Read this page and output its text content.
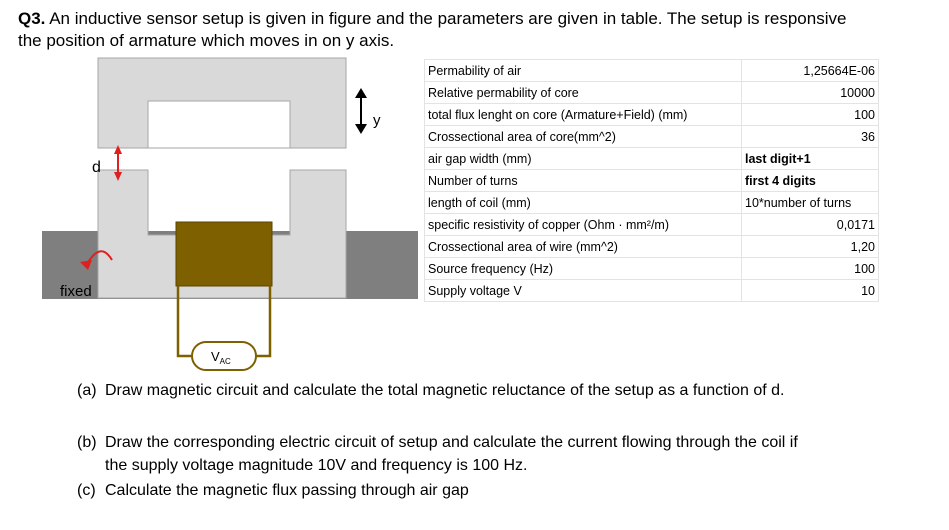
Q3. An inductive sensor setup is given in figure and the parameters are given in table. The setup is responsive
the position of armature which moves in on y axis.
$V_{AC}$
y
d
fixed
Permability of air	1,25664E-06
Relative permability of core	10000
total flux lenght on core (Armature+Field) (mm)	100
Crossectional area of core(mm^2)	36
air gap width (mm)	last digit+1
Number of turns	first 4 digits
length of coil (mm)	10*number of turns
specific resistivity of copper (Ohm · mm²/m)	0,0171
Crossectional area of wire (mm^2)	1,20
Source frequency (Hz)	100
Supply voltage V	10
(a) Draw magnetic circuit and calculate the total magnetic reluctance of the setup as a function of d.
(b) Draw the corresponding electric circuit of setup and calculate the current flowing through the coil if
the supply voltage magnitude 10V and frequency is 100 Hz.
(c) Calculate the magnetic flux passing through air gap
